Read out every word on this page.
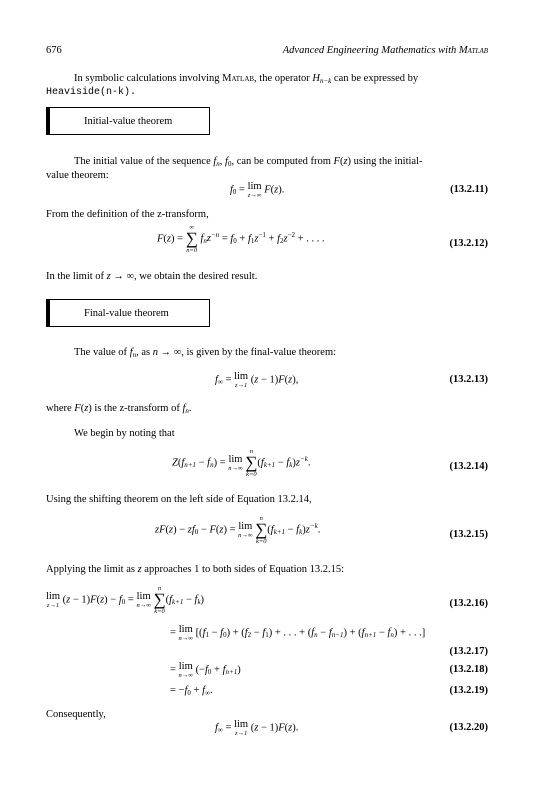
676	Advanced Engineering Mathematics with Matlab
In symbolic calculations involving Matlab, the operator Hn−k can be expressed by
Heaviside(n-k).
Initial-value theorem
The initial value of the sequence fn, f0, can be computed from F(z) using the initial-
value theorem:
f0 = lim
z→∞
F(z).	(13.2.11)
From the definition of the z-transform,
F(z) =
∞
∑
n=0
$fnz^{-n} = f0 + f1z^{-1} + f2z^{-2}$ + . . . .	(13.2.12)
In the limit of z → ∞, we obtain the desired result.
Final-value theorem
The value of fn, as n → ∞, is given by the final-value theorem:
f∞ = lim
z→1
(z − 1)F(z),	(13.2.13)
where F(z) is the z-transform of fn.
We begin by noting that
Z(fn+1 − fn) = lim
n→∞

n
∑
k=0
$(fk+1 - fk)z^{-k}$.	(13.2.14)
Using the shifting theorem on the left side of Equation 13.2.14,
zF(z) − zf0 − F(z) = lim
n→∞

n
∑
k=0
$(fk+1 - fk)z^{-k}$.	(13.2.15)
Applying the limit as z approaches 1 to both sides of Equation 13.2.15:
lim
z→1
(z − 1)F(z) − f0 = lim
n→∞

n
∑
k=0
(fk+1 − fk)	(13.2.16)
= lim
n→∞
[(f1 − f0) + (f2 − f1) + . . . + (fn − fn−1) + (fn+1 − fn) + . . .]
(13.2.17)
= lim
n→∞
(−f0 + fn+1)	(13.2.18)
= −f0 + f∞.	(13.2.19)
Consequently,
f∞ = lim
z→1
(z − 1)F(z).	(13.2.20)
